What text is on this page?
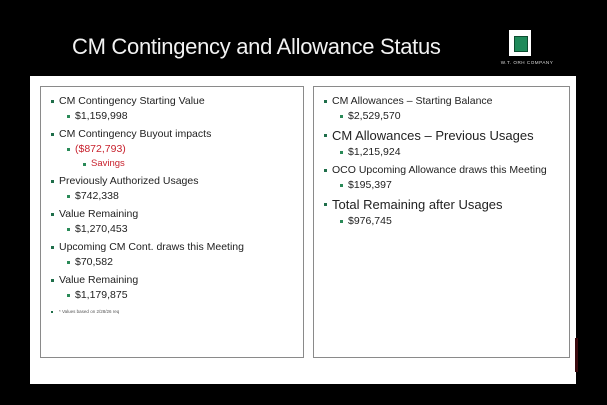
CM Contingency and Allowance Status
W.T. ORH COMPANY
CM Contingency Starting Value
$1,159,998
CM Contingency Buyout impacts
($872,793)
Savings
Previously Authorized Usages
$742,338
Value Remaining
$1,270,453
Upcoming CM Cont. draws this Meeting
$70,582
Value Remaining
$1,179,875
* Values based on 2/28/26 req
CM Allowances – Starting Balance
$2,529,570
CM Allowances – Previous Usages
$1,215,924
OCO Upcoming Allowance draws this Meeting
$195,397
Total Remaining after Usages
$976,745
